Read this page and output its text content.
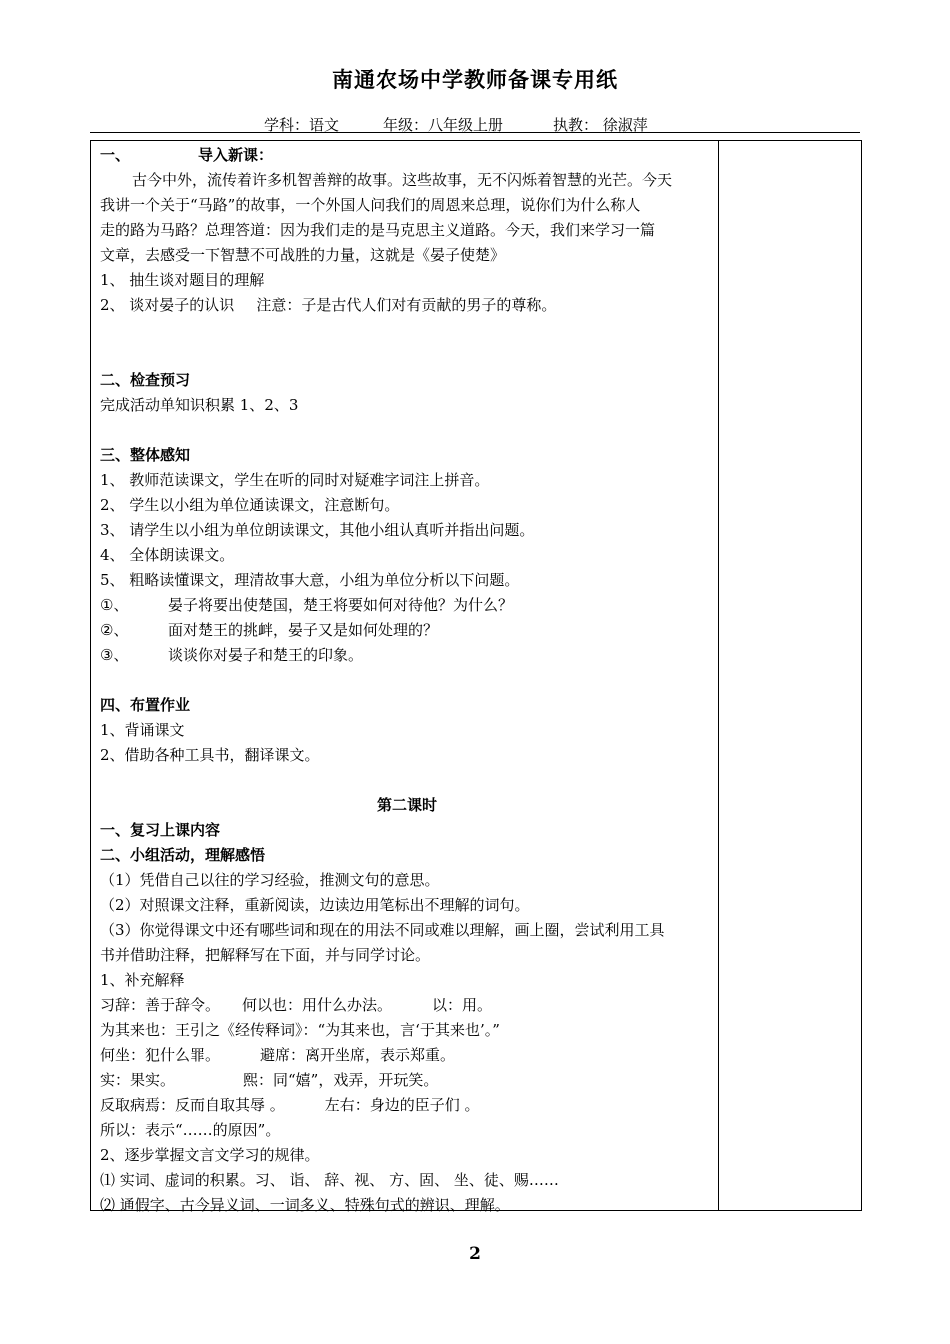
南通农场中学教师备课专用纸
学科：语文	年级：八年级上册	执教： 徐淑萍
一、	导入新课：
古今中外，流传着许多机智善辩的故事。这些故事，无不闪烁着智慧的光芒。今天
我讲一个关于“马路”的故事，一个外国人问我们的周恩来总理，说你们为什么称人
走的路为马路？总理答道：因为我们走的是马克思主义道路。今天，我们来学习一篇
文章，去感受一下智慧不可战胜的力量，这就是《晏子使楚》
1、 抽生谈对题目的理解
2、 谈对晏子的认识 注意：子是古代人们对有贡献的男子的尊称。
二、检查预习
完成活动单知识积累 1、2、3
三、整体感知
1、 教师范读课文，学生在听的同时对疑难字词注上拼音。
2、 学生以小组为单位通读课文，注意断句。
3、 请学生以小组为单位朗读课文，其他小组认真听并指出问题。
4、 全体朗读课文。
5、 粗略读懂课文，理清故事大意，小组为单位分析以下问题。
①、	晏子将要出使楚国，楚王将要如何对待他？为什么？
②、	面对楚王的挑衅，晏子又是如何处理的？
③、	谈谈你对晏子和楚王的印象。
四、布置作业
1、背诵课文
2、借助各种工具书，翻译课文。
第二课时
一、复习上课内容
二、小组活动，理解感悟
（1）凭借自己以往的学习经验，推测文句的意思。
（2）对照课文注释，重新阅读，边读边用笔标出不理解的词句。
（3）你觉得课文中还有哪些词和现在的用法不同或难以理解，画上圈，尝试利用工具
书并借助注释，把解释写在下面，并与同学讨论。
1、补充解释
习辞：善于辞令。 何以也：用什么办法。	以：用。
为其来也：王引之《经传释词》：“为其来也，言‘于其来也’。”
何坐：犯什么罪。	避席：离开坐席，表示郑重。
实：果实。	熙：同“嬉”，戏弄，开玩笑。
反取病焉：反而自取其辱 。	左右：身边的臣子们 。
所以：表示“……的原因”。
2、逐步掌握文言文学习的规律。
⑴ 实词、虚词的积累。习、 诣、 辞、视、 方、固、 坐、徒、赐……
⑵ 通假字、古今异义词、一词多义、特殊句式的辨识、理解。
2
